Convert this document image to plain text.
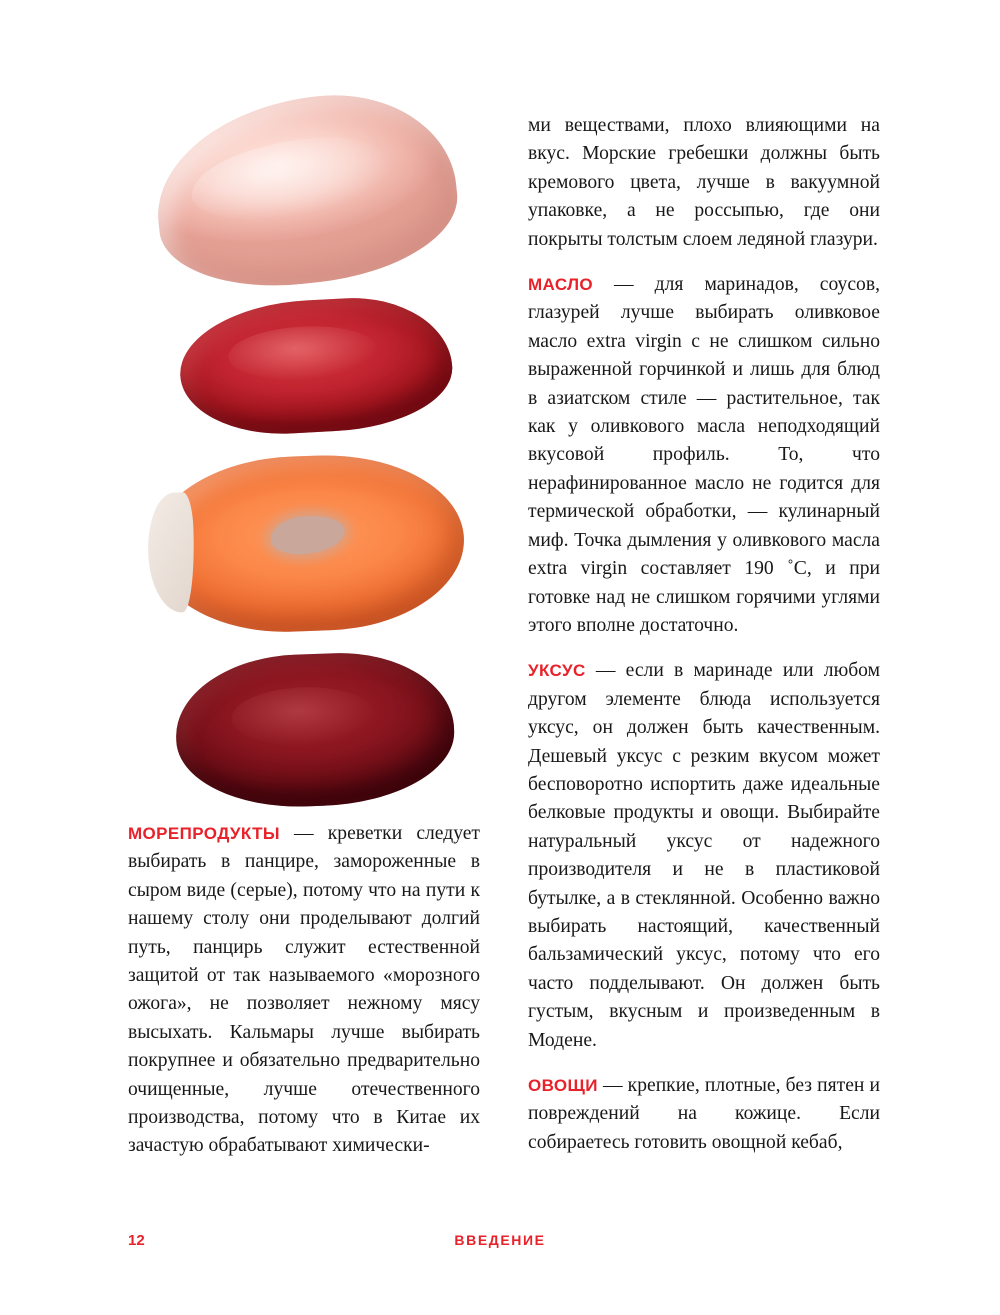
МОРЕПРОДУКТЫ — креветки следует выбирать в панцире, замороженные в сыром виде (серые), потому что на пути к нашему столу они проделывают долгий путь, панцирь служит естественной защитой от так называемого «морозного ожога», не позволяет нежному мясу высыхать. Кальмары лучше выбирать покрупнее и обязательно предварительно очищенные, лучше отечественного производства, потому что в Китае их зачастую обрабатывают химически-

ми веществами, плохо влияющими на вкус. Морские гребешки должны быть кремового цвета, лучше в вакуумной упаковке, а не россыпью, где они покрыты толстым слоем ледяной глазури.

МАСЛО — для маринадов, соусов, глазурей лучше выбирать оливковое масло extra virgin с не слишком сильно выраженной горчинкой и лишь для блюд в азиатском стиле — растительное, так как у оливкового масла неподходящий вкусовой профиль. То, что нерафинированное масло не годится для термической обработки, — кулинарный миф. Точка дымления у оливкового масла extra virgin составляет 190 ˚C, и при готовке над не слишком горячими углями этого вполне достаточно.

УКСУС — если в маринаде или любом другом элементе блюда используется уксус, он должен быть качественным. Дешевый уксус с резким вкусом может бесповоротно испортить даже идеальные белковые продукты и овощи. Выбирайте натуральный уксус от надежного производителя и не в пластиковой бутылке, а в стеклянной. Особенно важно выбирать настоящий, качественный бальзамический уксус, потому что его часто подделывают. Он должен быть густым, вкусным и произведенным в Модене.

ОВОЩИ — крепкие, плотные, без пятен и повреждений на кожице. Если собираетесь готовить овощной кебаб,

12	ВВЕДЕНИЕ
